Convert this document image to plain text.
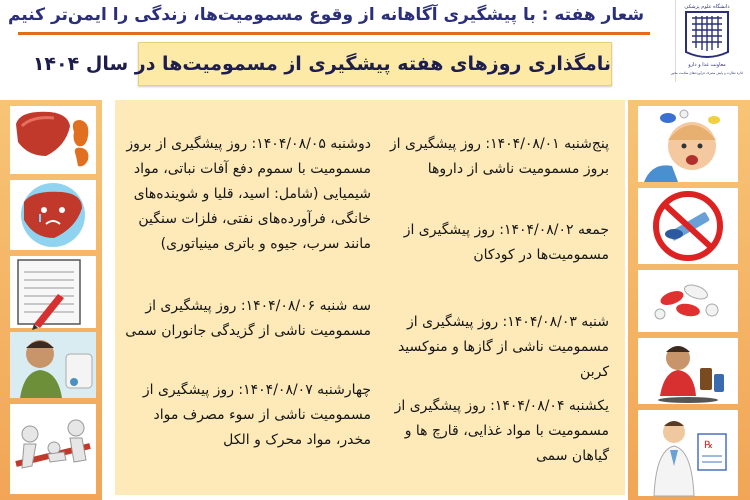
شعار هفته : با پیشگیری آگاهانه از وقوع مسمومیت‌ها، زندگی را ایمن‌تر کنیم	دانشگاه علوم پزشکی
معاونت غذا و دارو
اداره نظارت و پایش مصرف فرآورده‌های سلامت محور
نامگذاری روزهای هفته پیشگیری از مسمومیت‌ها در سال ۱۴۰۴
پنج‌شنبه ۱۴۰۴/۰۸/۰۱: روز پیشگیری از بروز مسمومیت ناشی از داروها
جمعه ۱۴۰۴/۰۸/۰۲: روز پیشگیری از مسمومیت‌ها در کودکان
شنبه ۱۴۰۴/۰۸/۰۳: روز پیشگیری از مسمومیت ناشی از گازها و منوکسید کربن
یکشنبه ۱۴۰۴/۰۸/۰۴: روز پیشگیری از مسمومیت با مواد غذایی، قارچ ها و گیاهان سمی
دوشنبه ۱۴۰۴/۰۸/۰۵: روز پیشگیری از بروز مسمومیت با سموم دفع آفات نباتی، مواد شیمیایی (شامل: اسید، قلیا و شوینده‌های خانگی، فرآورده‌های نفتی، فلزات سنگین مانند سرب، جیوه و باتری مینیاتوری)
سه شنبه ۱۴۰۴/۰۸/۰۶: روز پیشگیری از مسمومیت ناشی از گزیدگی جانوران سمی
چهارشنبه ۱۴۰۴/۰۸/۰۷: روز پیشگیری از مسمومیت ناشی از سوء مصرف مواد مخدر، مواد محرک و الکل	℞
